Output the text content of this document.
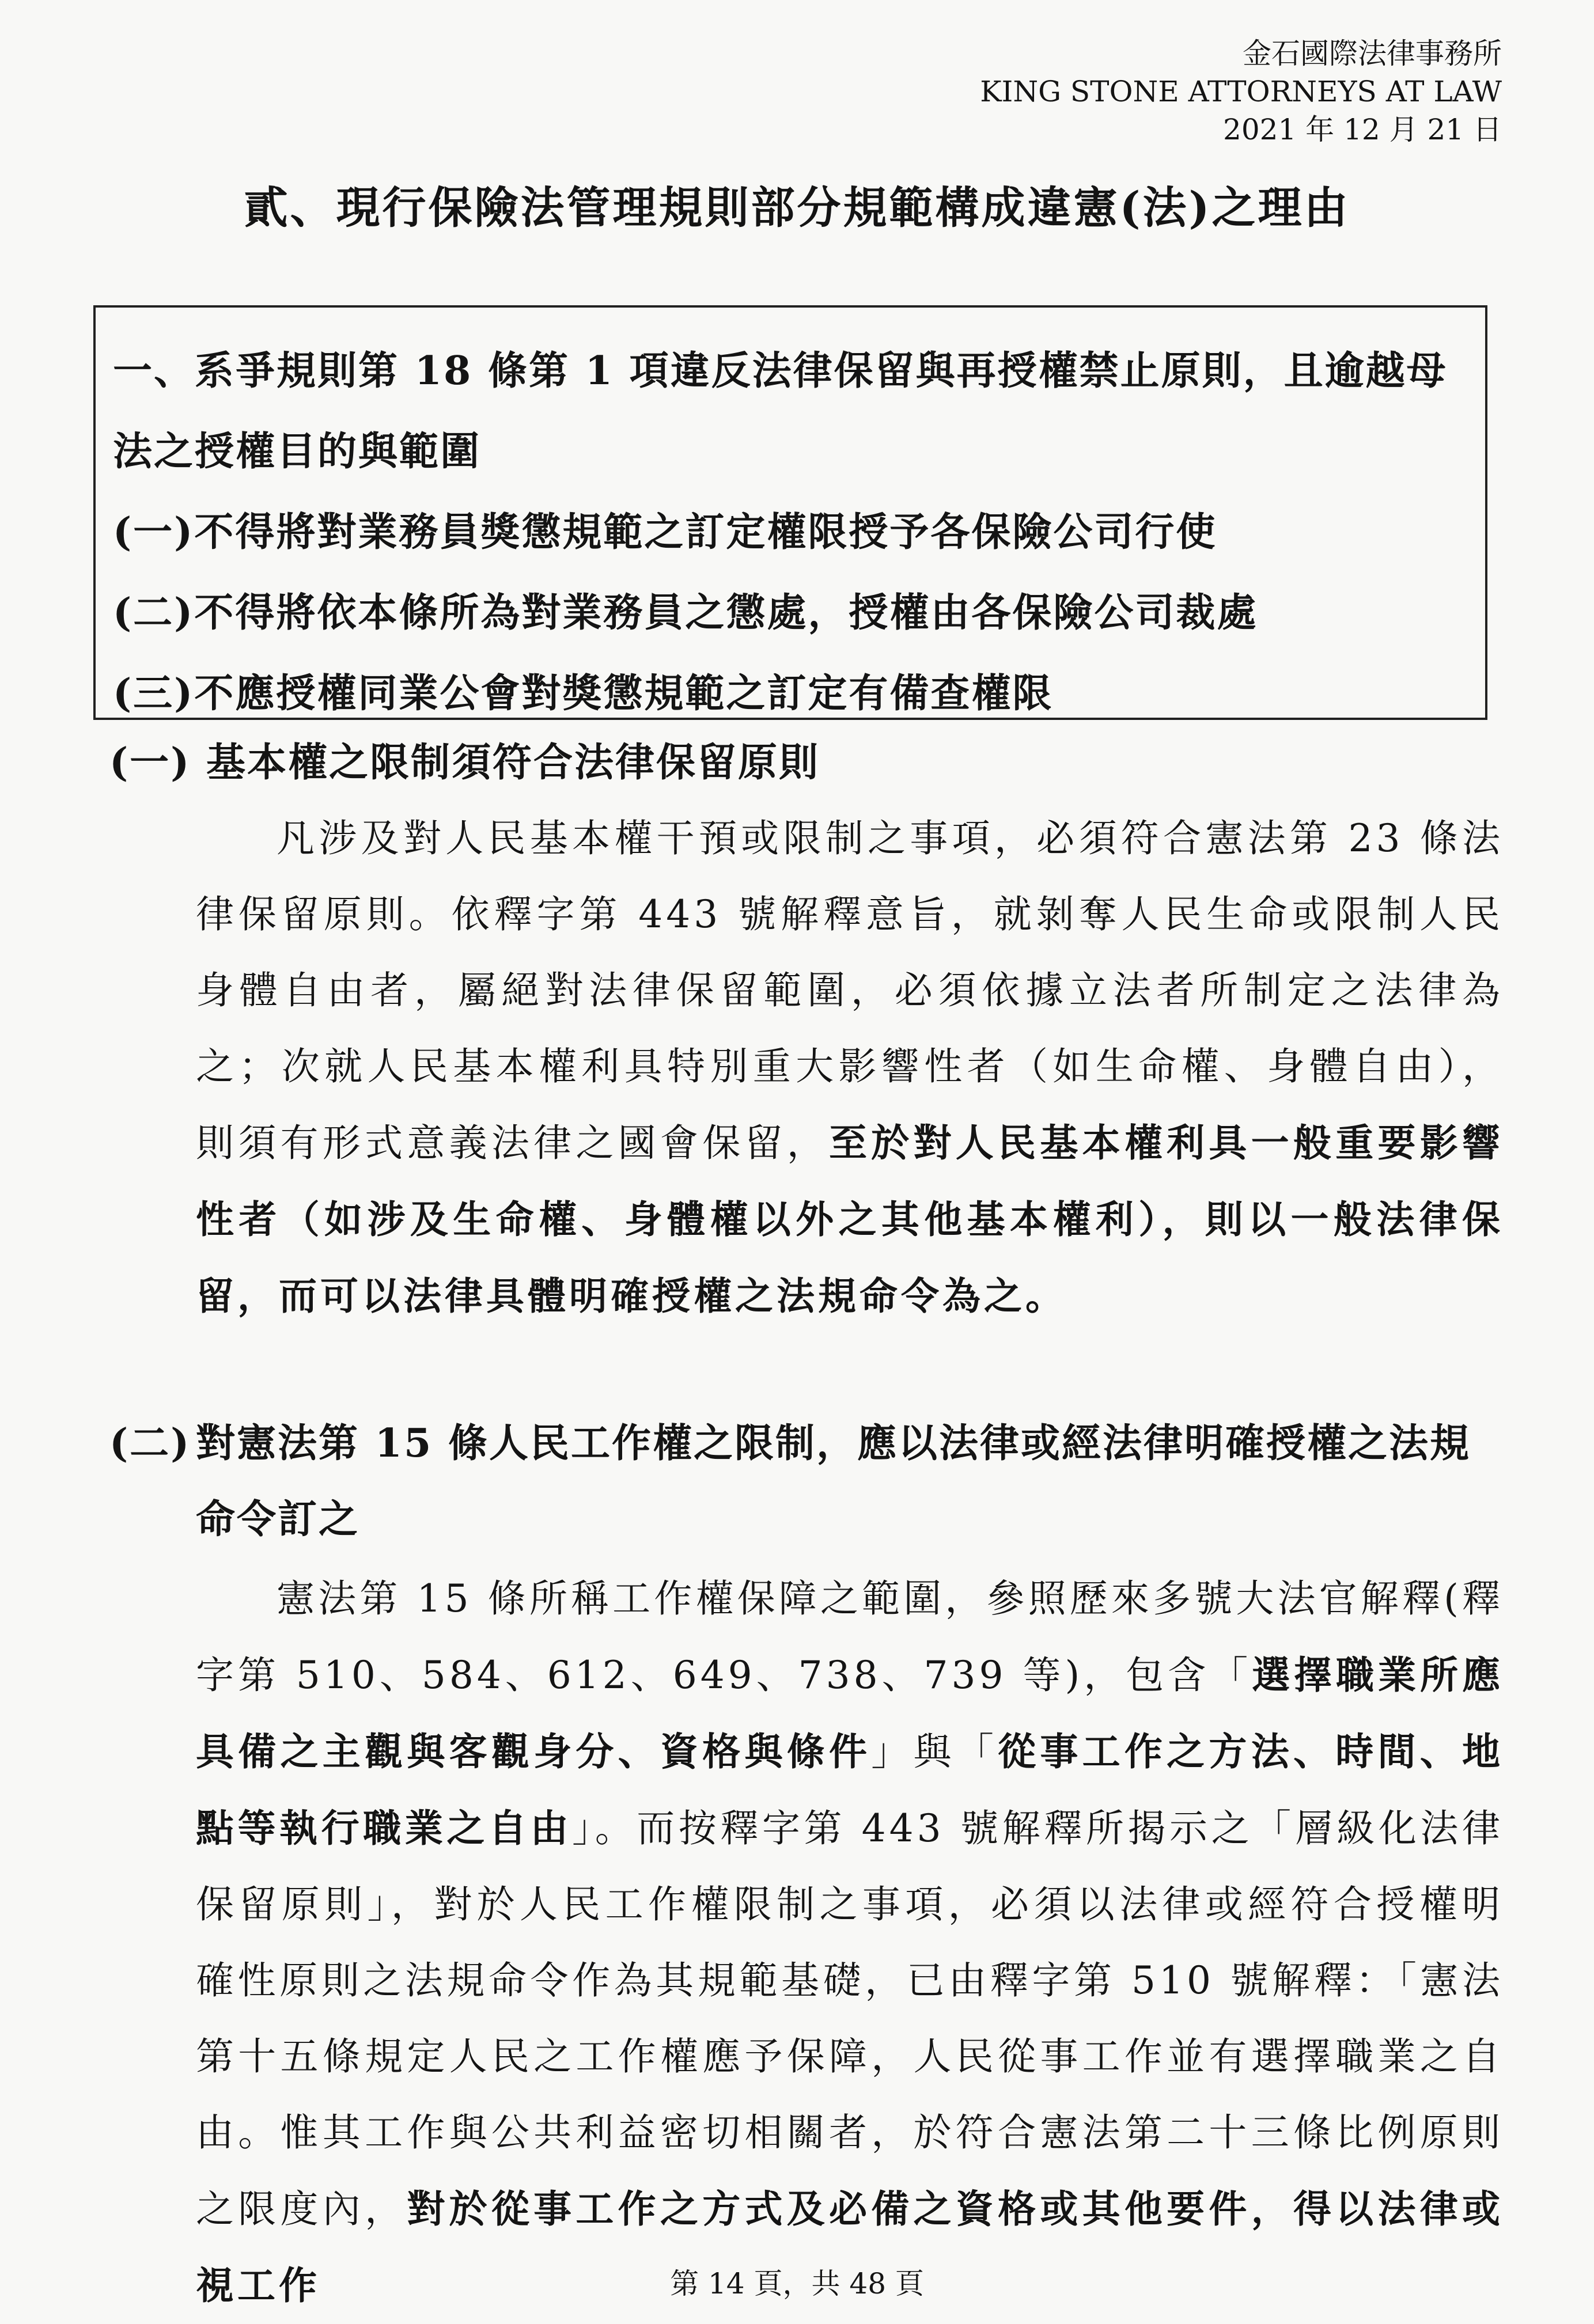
金石國際法律事務所
KING STONE ATTORNEYS AT LAW
2021 年 12 月 21 日
貳、現行保險法管理規則部分規範構成違憲(法)之理由

一、系爭規則第 18 條第 1 項違反法律保留與再授權禁止原則，且逾越母法之授權目的與範圍

(一)不得將對業務員獎懲規範之訂定權限授予各保險公司行使

(二)不得將依本條所為對業務員之懲處，授權由各保險公司裁處

(三)不應授權同業公會對獎懲規範之訂定有備查權限

(一) 基本權之限制須符合法律保留原則
凡涉及對人民基本權干預或限制之事項，必須符合憲法第 23 條法律保留原則。依釋字第 443 號解釋意旨，就剝奪人民生命或限制人民身體自由者，屬絕對法律保留範圍，必須依據立法者所制定之法律為之；次就人民基本權利具特別重大影響性者（如生命權、身體自由），則須有形式意義法律之國會保留，至於對人民基本權利具一般重要影響性者（如涉及生命權、身體權以外之其他基本權利），則以一般法律保留，而可以法律具體明確授權之法規命令為之。
(二) 對憲法第 15 條人民工作權之限制，應以法律或經法律明確授權之法規命令訂之
憲法第 15 條所稱工作權保障之範圍，參照歷來多號大法官解釋(釋字第 510、584、612、649、738、739 等)，包含「選擇職業所應具備之主觀與客觀身分、資格與條件」與「從事工作之方法、時間、地點等執行職業之自由」。而按釋字第 443 號解釋所揭示之「層級化法律保留原則」，對於人民工作權限制之事項，必須以法律或經符合授權明確性原則之法規命令作為其規範基礎，已由釋字第 510 號解釋：「憲法第十五條規定人民之工作權應予保障，人民從事工作並有選擇職業之自由。惟其工作與公共利益密切相關者，於符合憲法第二十三條比例原則之限度內，對於從事工作之方式及必備之資格或其他要件，得以法律或視工作	第 14 頁，共 48 頁
